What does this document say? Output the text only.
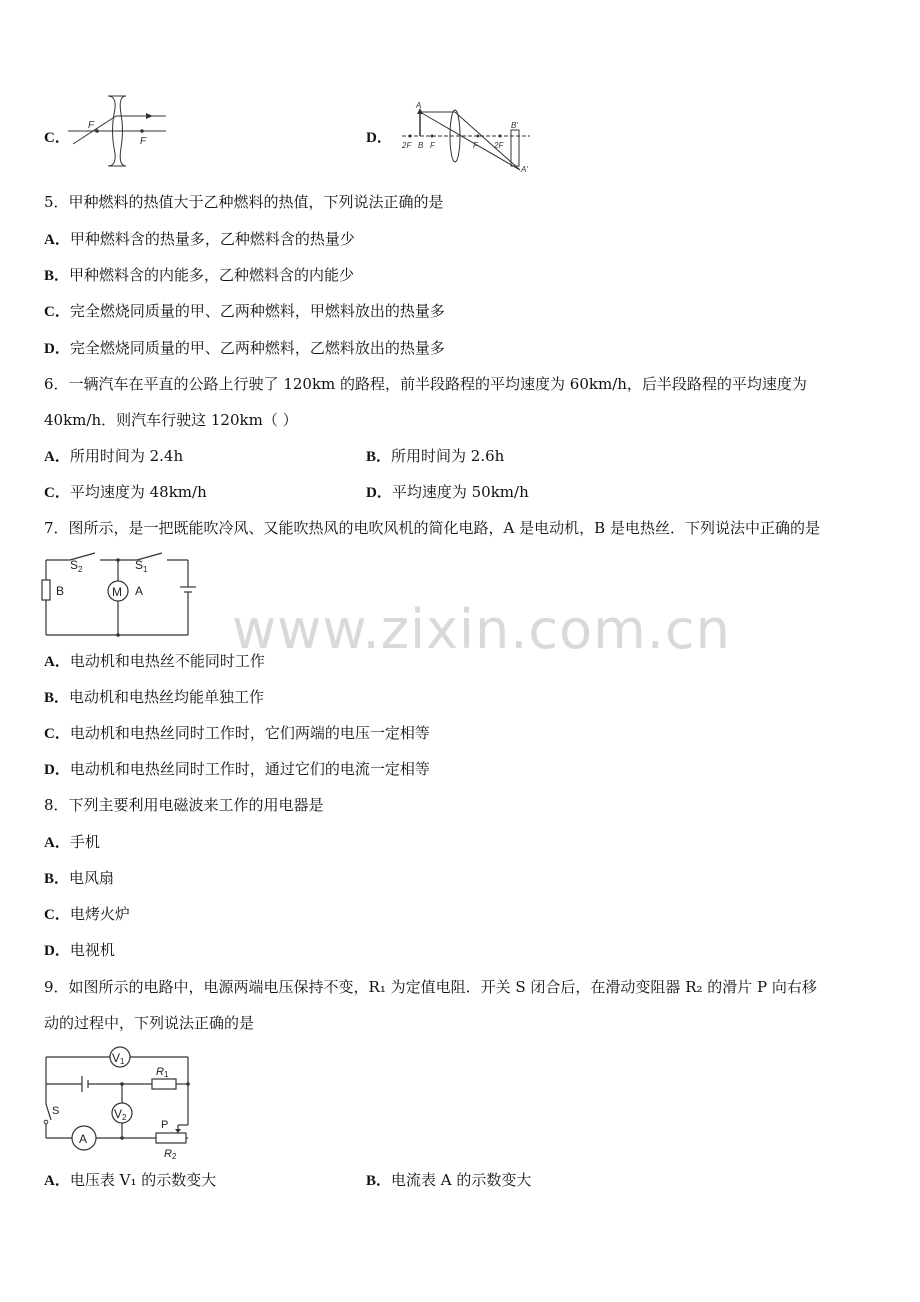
www.zixin.com.cn
C．
F
F	D． 2F B F
A
F 2F
B'
A'
5．甲种燃料的热值大于乙种燃料的热值，下列说法正确的是
A．甲种燃料含的热量多，乙种燃料含的热量少
B．甲种燃料含的内能多，乙种燃料含的内能少
C．完全燃烧同质量的甲、乙两种燃料，甲燃料放出的热量多
D．完全燃烧同质量的甲、乙两种燃料，乙燃料放出的热量多
6．一辆汽车在平直的公路上行驶了 120km 的路程，前半段路程的平均速度为 60km/h，后半段路程的平均速度为
40km/h．则汽车行驶这 120km（ ）
A．所用时间为 2.4h	B．所用时间为 2.6h
C．平均速度为 48km/h	D．平均速度为 50km/h
7．图所示，是一把既能吹冷风、又能吹热风的电吹风机的简化电路，A 是电动机，B 是电热丝．下列说法中正确的是
S 2	S 1
B	M A
A．电动机和电热丝不能同时工作
B．电动机和电热丝均能单独工作
C．电动机和电热丝同时工作时，它们两端的电压一定相等
D．电动机和电热丝同时工作时，通过它们的电流一定相等
8．下列主要利用电磁波来工作的用电器是
A．手机
B．电风扇
C．电烤火炉
D．电视机
9．如图所示的电路中，电源两端电压保持不变，R₁ 为定值电阻．开关 S 闭合后，在滑动变阻器 R₂ 的滑片 P 向右移
动的过程中，下列说法正确的是
V 1
R 1
S	V 2
A
P
R 2
A．电压表 V₁ 的示数变大	B．电流表 A 的示数变大
